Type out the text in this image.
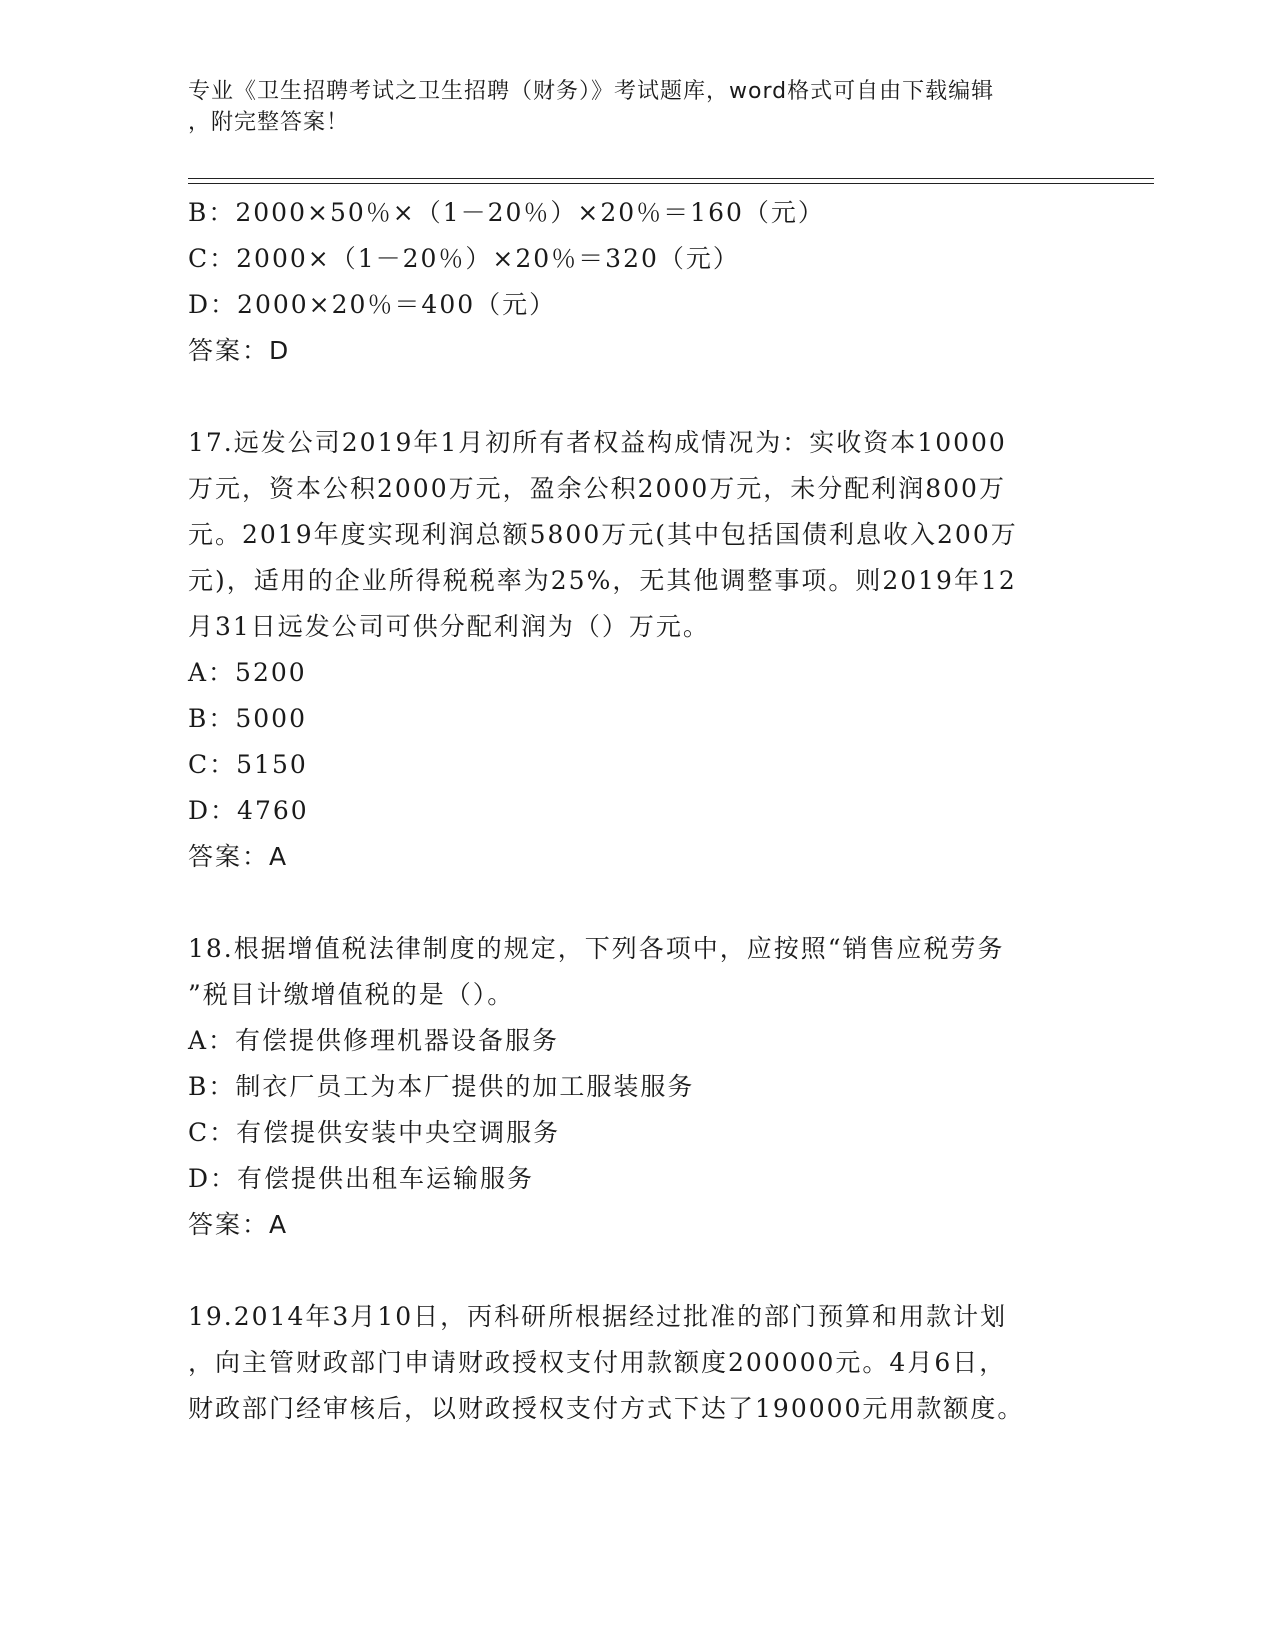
专业《卫生招聘考试之卫生招聘（财务）》考试题库，word格式可自由下载编辑
，附完整答案！
B：2000×50％×（1－20％）×20％＝160（元）
C：2000×（1－20％）×20％＝320（元）
D：2000×20％＝400（元）
答案：D
17.远发公司2019年1月初所有者权益构成情况为：实收资本10000
万元，资本公积2000万元，盈余公积2000万元，未分配利润800万
元。2019年度实现利润总额5800万元(其中包括国债利息收入200万
元)，适用的企业所得税税率为25%，无其他调整事项。则2019年12
月31日远发公司可供分配利润为（）万元。
A：5200
B：5000
C：5150
D：4760
答案：A
18.根据增值税法律制度的规定，下列各项中，应按照“销售应税劳务
”税目计缴增值税的是（）。
A：有偿提供修理机器设备服务
B：制衣厂员工为本厂提供的加工服装服务
C：有偿提供安装中央空调服务
D：有偿提供出租车运输服务
答案：A
19.2014年3月10日，丙科研所根据经过批准的部门预算和用款计划
，向主管财政部门申请财政授权支付用款额度200000元。4月6日，
财政部门经审核后，以财政授权支付方式下达了190000元用款额度。
